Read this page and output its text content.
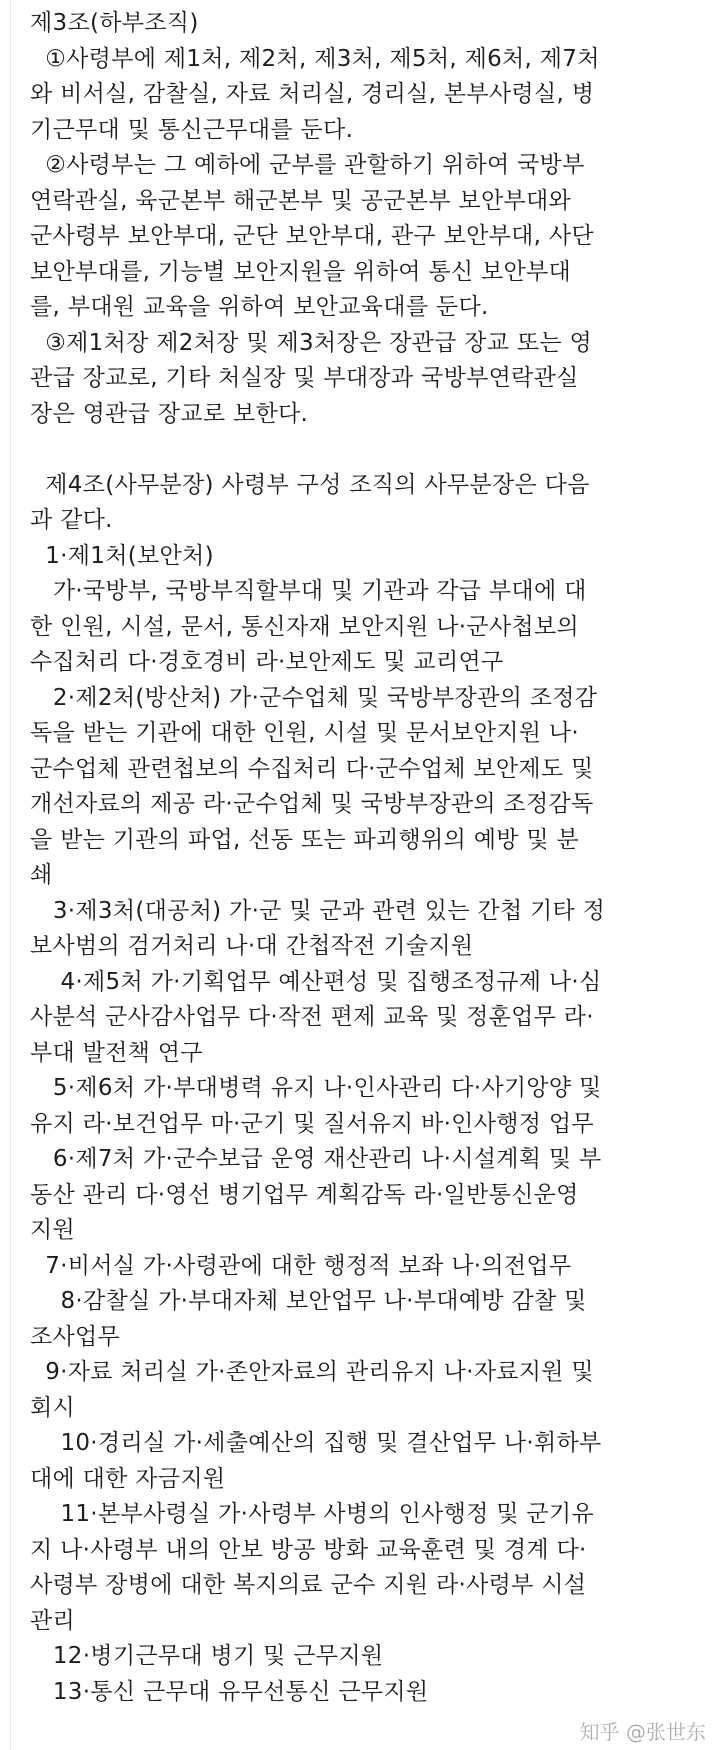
제3조(하부조직)
①사령부에 제1처, 제2처, 제3처, 제5처, 제6처, 제7처
와 비서실, 감찰실, 자료 처리실, 경리실, 본부사령실, 병
기근무대 및 통신근무대를 둔다.
②사령부는 그 예하에 군부를 관할하기 위하여 국방부
연락관실, 육군본부 해군본부 및 공군본부 보안부대와
군사령부 보안부대, 군단 보안부대, 관구 보안부대, 사단
보안부대를, 기능별 보안지원을 위하여 통신 보안부대
를, 부대원 교육을 위하여 보안교육대를 둔다.
③제1처장 제2처장 및 제3처장은 장관급 장교 또는 영
관급 장교로, 기타 처실장 및 부대장과 국방부연락관실
장은 영관급 장교로 보한다.
제4조(사무분장) 사령부 구성 조직의 사무분장은 다음
과 같다.
1·제1처(보안처)
가·국방부, 국방부직할부대 및 기관과 각급 부대에 대
한 인원, 시설, 문서, 통신자재 보안지원 나·군사첩보의
수집처리 다·경호경비 라·보안제도 및 교리연구
2·제2처(방산처) 가·군수업체 및 국방부장관의 조정감
독을 받는 기관에 대한 인원, 시설 및 문서보안지원 나·
군수업체 관련첩보의 수집처리 다·군수업체 보안제도 및
개선자료의 제공 라·군수업체 및 국방부장관의 조정감독
을 받는 기관의 파업, 선동 또는 파괴행위의 예방 및 분
쇄
3·제3처(대공처) 가·군 및 군과 관련 있는 간첩 기타 정
보사범의 검거처리 나·대 간첩작전 기술지원
4·제5처 가·기획업무 예산편성 및 집행조정규제 나·심
사분석 군사감사업무 다·작전 편제 교육 및 정훈업무 라·
부대 발전책 연구
5·제6처 가·부대병력 유지 나·인사관리 다·사기앙양 및
유지 라·보건업무 마·군기 및 질서유지 바·인사행정 업무
6·제7처 가·군수보급 운영 재산관리 나·시설계획 및 부
동산 관리 다·영선 병기업무 계획감독 라·일반통신운영
지원
7·비서실 가·사령관에 대한 행정적 보좌 나·의전업무
8·감찰실 가·부대자체 보안업무 나·부대예방 감찰 및
조사업무
9·자료 처리실 가·존안자료의 관리유지 나·자료지원 및
회시
10·경리실 가·세출예산의 집행 및 결산업무 나·휘하부
대에 대한 자금지원
11·본부사령실 가·사령부 사병의 인사행정 및 군기유
지 나·사령부 내의 안보 방공 방화 교육훈련 및 경계 다·
사령부 장병에 대한 복지의료 군수 지원 라·사령부 시설
관리
12·병기근무대 병기 및 근무지원
13·통신 근무대 유무선통신 근무지원
知乎 @张世东
